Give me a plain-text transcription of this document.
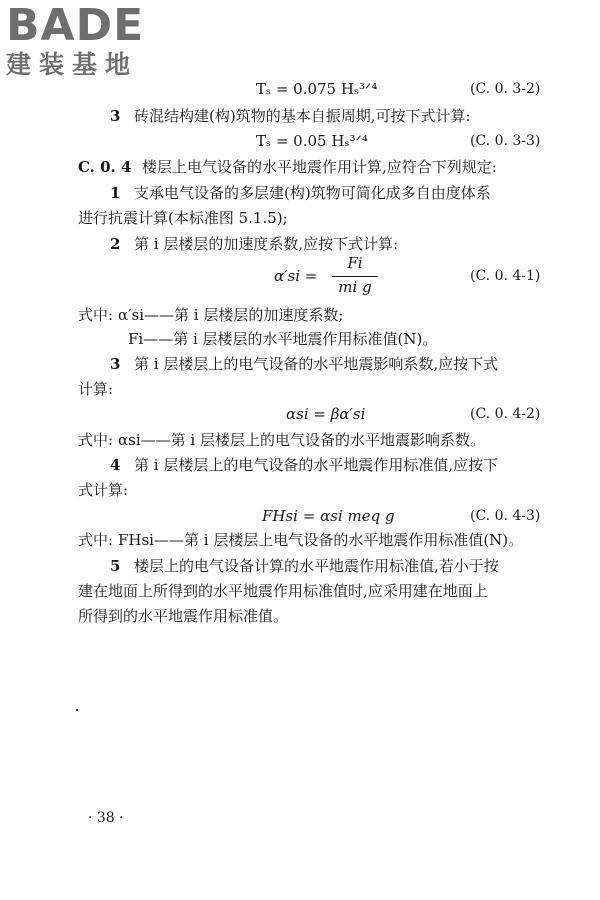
BADE
建装基地
Tₛ = 0.075 Hₛ³ᐟ⁴	(C. 0. 3-2)
3 砖混结构建(构)筑物的基本自振周期,可按下式计算:
Tₛ = 0.05 Hₛ³ᐟ⁴	(C. 0. 3-3)
C. 0. 4 楼层上电气设备的水平地震作用计算,应符合下列规定:
1 支承电气设备的多层建(构)筑物可简化成多自由度体系
进行抗震计算(本标准图 5.1.5);
2 第 i 层楼层的加速度系数,应按下式计算:
α′si =
Fi
mi g
(C. 0. 4-1)
式中: α′si——第 i 层楼层的加速度系数;
Fi——第 i 层楼层的水平地震作用标准值(N)。
3 第 i 层楼层上的电气设备的水平地震影响系数,应按下式
计算:
αsi = βα′si	(C. 0. 4-2)
式中: αsi——第 i 层楼层上的电气设备的水平地震影响系数。
4 第 i 层楼层上的电气设备的水平地震作用标准值,应按下
式计算:
FHsi = αsi meq g	(C. 0. 4-3)
式中: FHsi——第 i 层楼层上电气设备的水平地震作用标准值(N)。
5 楼层上的电气设备计算的水平地震作用标准值,若小于按
建在地面上所得到的水平地震作用标准值时,应采用建在地面上
所得到的水平地震作用标准值。
· 38 ·
